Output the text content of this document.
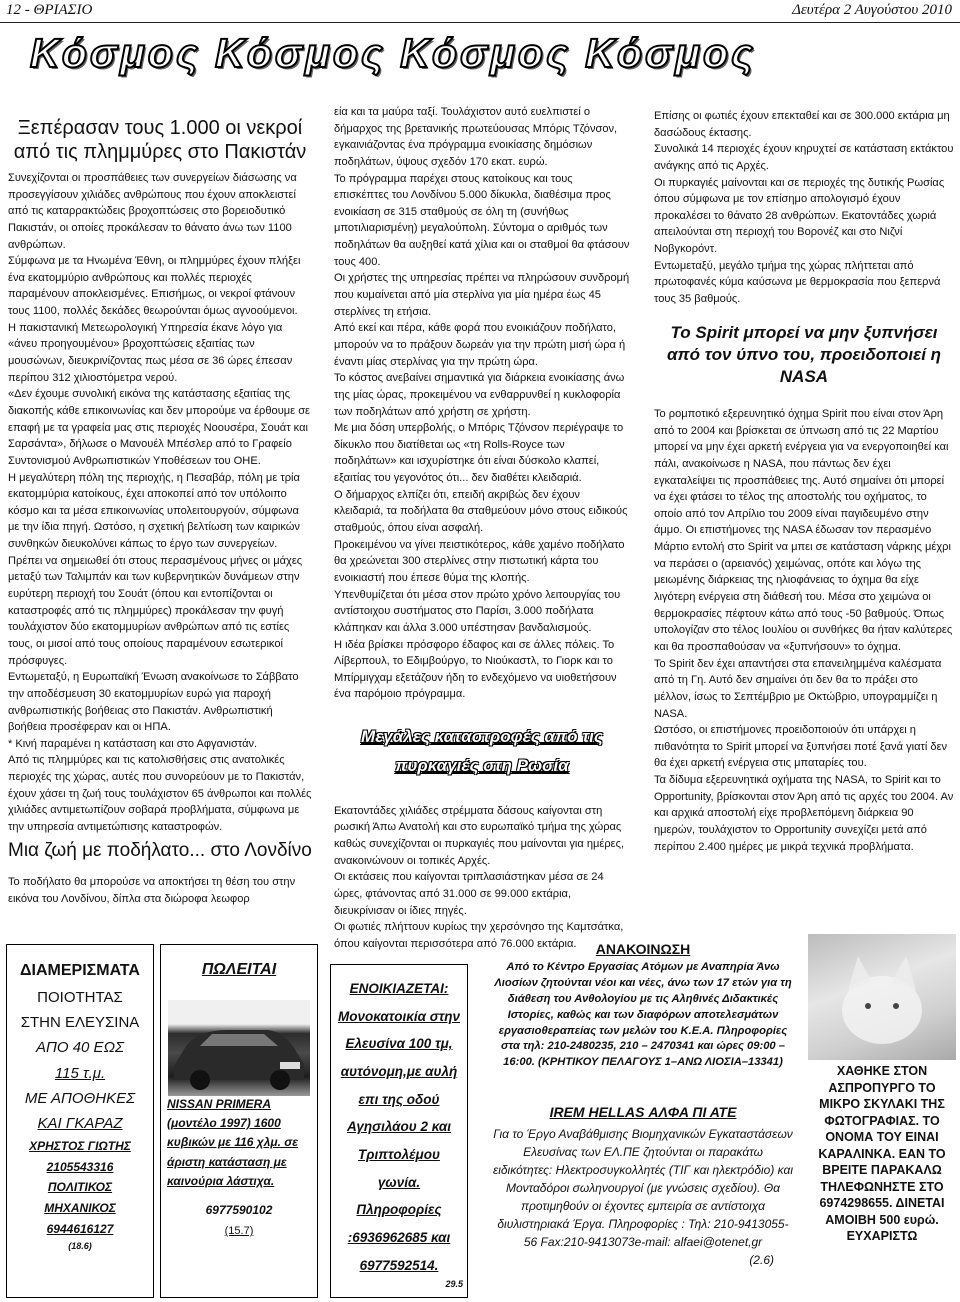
12 - ΘΡΙΑΣΙΟ	Δευτέρα 2 Αυγούστου 2010
Κόσμος Κόσμος Κόσμος Κόσμος
Ξεπέρασαν τους 1.000 οι νεκροί από τις πλημμύρες στο Πακιστάν

Συνεχίζονται οι προσπάθειες των συνεργείων διάσωσης να προσεγγίσουν χιλιάδες ανθρώπους που έχουν αποκλειστεί από τις καταρρακτώδεις βροχοπτώσεις στο βορειοδυτικό Πακιστάν, οι οποίες προκάλεσαν το θάνατο άνω των 1100 ανθρώπων.

Σύμφωνα με τα Ηνωμένα Έθνη, οι πλημμύρες έχουν πλήξει ένα εκατομμύριο ανθρώπους και πολλές περιοχές παραμένουν αποκλεισμένες. Επισήμως, οι νεκροί φτάνουν τους 1100, πολλές δεκάδες θεωρούνται όμως αγνοούμενοι.

Η πακιστανική Μετεωρολογική Υπηρεσία έκανε λόγο για «άνευ προηγουμένου» βροχοπτώσεις εξαιτίας των μουσώνων, διευκρινίζοντας πως μέσα σε 36 ώρες έπεσαν περίπου 312 χιλιοστόμετρα νερού.

«Δεν έχουμε συνολική εικόνα της κατάστασης εξαιτίας της διακοπής κάθε επικοινωνίας και δεν μπορούμε να έρθουμε σε επαφή με τα γραφεία μας στις περιοχές Νοουσέρα, Σουάτ και Σαρσάντα», δήλωσε ο Μανουέλ Μπέσλερ από το Γραφείο Συντονισμού Ανθρωπιστικών Υποθέσεων του ΟΗΕ.

Η μεγαλύτερη πόλη της περιοχής, η Πεσαβάρ, πόλη με τρία εκατομμύρια κατοίκους, έχει αποκοπεί από τον υπόλοιπο κόσμο και τα μέσα επικοινωνίας υπολειτουργούν, σύμφωνα με την ίδια πηγή. Ωστόσο, η σχετική βελτίωση των καιρικών συνθηκών διευκολύνει κάπως το έργο των συνεργείων.

Πρέπει να σημειωθεί ότι στους περασμένους μήνες οι μάχες μεταξύ των Ταλιμπάν και των κυβερνητικών δυνάμεων στην ευρύτερη περιοχή του Σουάτ (όπου και εντοπίζονται οι καταστροφές από τις πλημμύρες) προκάλεσαν την φυγή τουλάχιστον δύο εκατομμυρίων ανθρώπων από τις εστίες τους, οι μισοί από τους οποίους παραμένουν εσωτερικοί πρόσφυγες.

Εντωμεταξύ, η Ευρωπαϊκή Ένωση ανακοίνωσε το Σάββατο την αποδέσμευση 30 εκατομμυρίων ευρώ για παροχή ανθρωπιστικής βοήθειας στο Πακιστάν. Ανθρωπιστική βοήθεια προσέφεραν και οι ΗΠΑ.

* Κινή παραμένει η κατάσταση και στο Αφγανιστάν.

Από τις πλημμύρες και τις κατολισθήσεις στις ανατολικές περιοχές της χώρας, αυτές που συνορεύουν με το Πακιστάν, έχουν χάσει τη ζωή τους τουλάχιστον 65 άνθρωποι και πολλές χιλιάδες αντιμετωπίζουν σοβαρά προβλήματα, σύμφωνα με την υπηρεσία αντιμετώπισης καταστροφών.

Μια ζωή με ποδήλατο... στο Λονδίνο

Το ποδήλατο θα μπορούσε να αποκτήσει τη θέση του στην εικόνα του Λονδίνου, δίπλα στα διώροφα λεωφορ

εία και τα μαύρα ταξί. Τουλάχιστον αυτό ευελπιστεί ο δήμαρχος της βρετανικής πρωτεύουσας Μπόρις Τζόνσον, εγκαινιάζοντας ένα πρόγραμμα ενοικίασης δημόσιων ποδηλάτων, ύψους σχεδόν 170 εκατ. ευρώ.

Το πρόγραμμα παρέχει στους κατοίκους και τους επισκέπτες του Λονδίνου 5.000 δίκυκλα, διαθέσιμα προς ενοικίαση σε 315 σταθμούς σε όλη τη (συνήθως μποτιλιαρισμένη) μεγαλούπολη. Σύντομα ο αριθμός των ποδηλάτων θα αυξηθεί κατά χίλια και οι σταθμοί θα φτάσουν τους 400.

Οι χρήστες της υπηρεσίας πρέπει να πληρώσουν συνδρομή που κυμαίνεται από μία στερλίνα για μία ημέρα έως 45 στερλίνες τη ετήσια.

Από εκεί και πέρα, κάθε φορά που ενοικιάζουν ποδήλατο, μπορούν να το πράξουν δωρεάν για την πρώτη μισή ώρα ή έναντι μίας στερλίνας για την πρώτη ώρα.

Το κόστος ανεβαίνει σημαντικά για διάρκεια ενοικίασης άνω της μίας ώρας, προκειμένου να ενθαρρυνθεί η κυκλοφορία των ποδηλάτων από χρήστη σε χρήστη.

Με μια δόση υπερβολής, ο Μπόρις Τζόνσον περιέγραψε το δίκυκλο που διατίθεται ως «τη Rolls-Royce των ποδηλάτων» και ισχυρίστηκε ότι είναι δύσκολο κλαπεί, εξαιτίας του γεγονότος ότι... δεν διαθέτει κλειδαριά.

Ο δήμαρχος ελπίζει ότι, επειδή ακριβώς δεν έχουν κλειδαριά, τα ποδήλατα θα σταθμεύουν μόνο στους ειδικούς σταθμούς, όπου είναι ασφαλή.

Προκειμένου να γίνει πειστικότερος, κάθε χαμένο ποδήλατο θα χρεώνεται 300 στερλίνες στην πιστωτική κάρτα του ενοικιαστή που έπεσε θύμα της κλοπής.

Υπενθυμίζεται ότι μέσα στον πρώτο χρόνο λειτουργίας του αντίστοιχου συστήματος στο Παρίσι, 3.000 ποδήλατα κλάπηκαν και άλλα 3.000 υπέστησαν βανδαλισμούς.

Η ιδέα βρίσκει πρόσφορο έδαφος και σε άλλες πόλεις. Το Λίβερπουλ, το Εδιμβούργο, το Νιούκαστλ, το Γιορκ και το Μπίρμιγχαμ εξετάζουν ήδη το ενδεχόμενο να υιοθετήσουν ένα παρόμοιο πρόγραμμα.

Μεγάλες καταστροφές από τις πυρκαγιές στη Ρωσία

Εκατοντάδες χιλιάδες στρέμματα δάσους καίγονται στη ρωσική Άπω Ανατολή και στο ευρωπαϊκό τμήμα της χώρας καθώς συνεχίζονται οι πυρκαγιές που μαίνονται για ημέρες, ανακοινώνουν οι τοπικές Αρχές.

Οι εκτάσεις που καίγονται τριπλασιάστηκαν μέσα σε 24 ώρες, φτάνοντας από 31.000 σε 99.000 εκτάρια, διευκρίνισαν οι ίδιες πηγές.

Οι φωτιές πλήττουν κυρίως την χερσόνησο της Καμτσάτκα, όπου καίγονται περισσότερα από 76.000 εκτάρια.

Επίσης οι φωτιές έχουν επεκταθεί και σε 300.000 εκτάρια μη δασώδους έκτασης.

Συνολικά 14 περιοχές έχουν κηρυχτεί σε κατάσταση εκτάκτου ανάγκης από τις Αρχές.

Οι πυρκαγιές μαίνονται και σε περιοχές της δυτικής Ρωσίας όπου σύμφωνα με τον επίσημο απολογισμό έχουν προκαλέσει το θάνατο 28 ανθρώπων. Εκατοντάδες χωριά απειλούνται στη περιοχή του Βορονέζ και στο Νιζνί Νοβγκορόντ.

Εντωμεταξύ, μεγάλο τμήμα της χώρας πλήττεται από πρωτοφανές κύμα καύσωνα με θερμοκρασία που ξεπερνά τους 35 βαθμούς.

Το Spirit μπορεί να μην ξυπνήσει από τον ύπνο του, προειδοποιεί η NASA

Το ρομποτικό εξερευνητικό όχημα Spirit που είναι στον Άρη από το 2004 και βρίσκεται σε ύπνωση από τις 22 Μαρτίου μπορεί να μην έχει αρκετή ενέργεια για να ενεργοποιηθεί και πάλι, ανακοίνωσε η NASA, που πάντως δεν έχει εγκαταλείψει τις προσπάθειες της. Αυτό σημαίνει ότι μπορεί να έχει φτάσει το τέλος της αποστολής του οχήματος, το οποίο από τον Απρίλιο του 2009 είναι παγιδευμένο στην άμμο. Οι επιστήμονες της NASA έδωσαν τον περασμένο Μάρτιο εντολή στο Spirit να μπει σε κατάσταση νάρκης μέχρι να περάσει ο (αρειανός) χειμώνας, οπότε και λόγω της μειωμένης διάρκειας της ηλιοφάνειας το όχημα θα είχε λιγότερη ενέργεια στη διάθεσή του. Μέσα στο χειμώνα οι θερμοκρασίες πέφτουν κάτω από τους -50 βαθμούς. Όπως υπολογίζαν στο τέλος Ιουλίου οι συνθήκες θα ήταν καλύτερες και θα προσπαθούσαν να «ξυπνήσουν» το όχημα.

Το Spirit δεν έχει απαντήσει στα επανειλημμένα καλέσματα από τη Γη. Αυτό δεν σημαίνει ότι δεν θα το πράξει στο μέλλον, ίσως το Σεπτέμβριο με Οκτώβριο, υπογραμμίζει η NASA.

Ωστόσο, οι επιστήμονες προειδοποιούν ότι υπάρχει η πιθανότητα το Spirit μπορεί να ξυπνήσει ποτέ ξανά γιατί δεν θα έχει αρκετή ενέργεια στις μπαταρίες του.

Τα δίδυμα εξερευνητικά οχήματα της NASA, το Spirit και το Opportunity, βρίσκονται στον Άρη από τις αρχές του 2004. Αν και αρχικά αποστολή είχε προβλεπόμενη διάρκεια 90 ημερών, τουλάχιστον το Opportunity συνεχίζει μετά από περίπου 2.400 ημέρες με μικρά τεχνικά προβλήματα.

ΔΙΑΜΕΡΙΣΜΑΤΑ
ΠΟΙΟΤΗΤΑΣ
ΣΤΗΝ ΕΛΕΥΣΙΝΑ
ΑΠΟ 40 ΕΩΣ
115 τ.μ.
ΜΕ ΑΠΟΘΗΚΕΣ
ΚΑΙ ΓΚΑΡΑΖ
ΧΡΗΣΤΟΣ ΓΙΩΤΗΣ
2105543316
ΠΟΛΙΤΙΚΟΣ
ΜΗΧΑΝΙΚΟΣ
6944616127
(18.6)
ΠΩΛΕΙΤΑΙ
NISSAN PRIMERA (μοντέλο 1997) 1600 κυβικών με 116 χλμ. σε άριστη κατάσταση με καινούρια λάστιχα.
6977590102
(15.7)
ΕΝΟΙΚΙΑΖΕΤΑΙ:
Μονοκατοικία στην
Ελευσίνα 100 τμ,
αυτόνομη,με αυλή
επι της οδού
Αγησιλάου 2 και
Τριπτολέμου
γωνία.
Πληροφορίες
:6936962685 και
6977592514.
29.5
ΑΝΑΚΟΙΝΩΣΗ
Από το Κέντρο Εργασίας Ατόμων με Αναπηρία Άνω Λιοσίων ζητούνται νέοι και νέες, άνω των 17 ετών για τη διάθεση του Ανθολογίου με τις Αληθινές Διδακτικές Ιστορίες, καθώς και των διαφόρων αποτελεσμάτων εργασιοθεραπείας των μελών του Κ.Ε.Α. Πληροφορίες στα τηλ: 210-2480235, 210 – 2470341 και ώρες 09:00 – 16:00. (ΚΡΗΤΙΚΟΥ ΠΕΛΑΓΟΥΣ 1–ΑΝΩ ΛΙΟΣΙΑ–13341)
IREM HELLAS ΑΛΦΑ ΠΙ ΑΤΕ
Για το Έργο Αναβάθμισης Βιομηχανικών Εγκαταστάσεων Ελευσίνας των ΕΛ.ΠΕ ζητούνται οι παρακάτω ειδικότητες: Ηλεκτροσυγκολλητές (ΤΙΓ και ηλεκτρόδιο) και Μονταδόροι σωληνουργοί (με γνώσεις σχεδίου). Θα προτιμηθούν οι έχοντες εμπειρία σε αντίστοιχα διυλιστηριακά Έργα. Πληροφορίες : Τηλ: 210-9413055-56 Fax:210-9413073e-mail: alfaei@otenet,gr
(2.6)
ΧΑΘΗΚΕ ΣΤΟΝ ΑΣΠΡΟΠΥΡΓΟ ΤΟ ΜΙΚΡΟ ΣΚΥΛΑΚΙ ΤΗΣ ΦΩΤΟΓΡΑΦΙΑΣ. ΤΟ ΟΝΟΜΑ ΤΟΥ ΕΙΝΑΙ ΚΑΡΑΛΙΝΚΑ. ΕΑΝ ΤΟ ΒΡΕΙΤΕ ΠΑΡΑΚΑΛΩ ΤΗΛΕΦΩΝΗΣΤΕ ΣΤΟ 6974298655. ΔΙΝΕΤΑΙ ΑΜΟΙΒΗ 500 ευρώ. ΕΥΧΑΡΙΣΤΩ
